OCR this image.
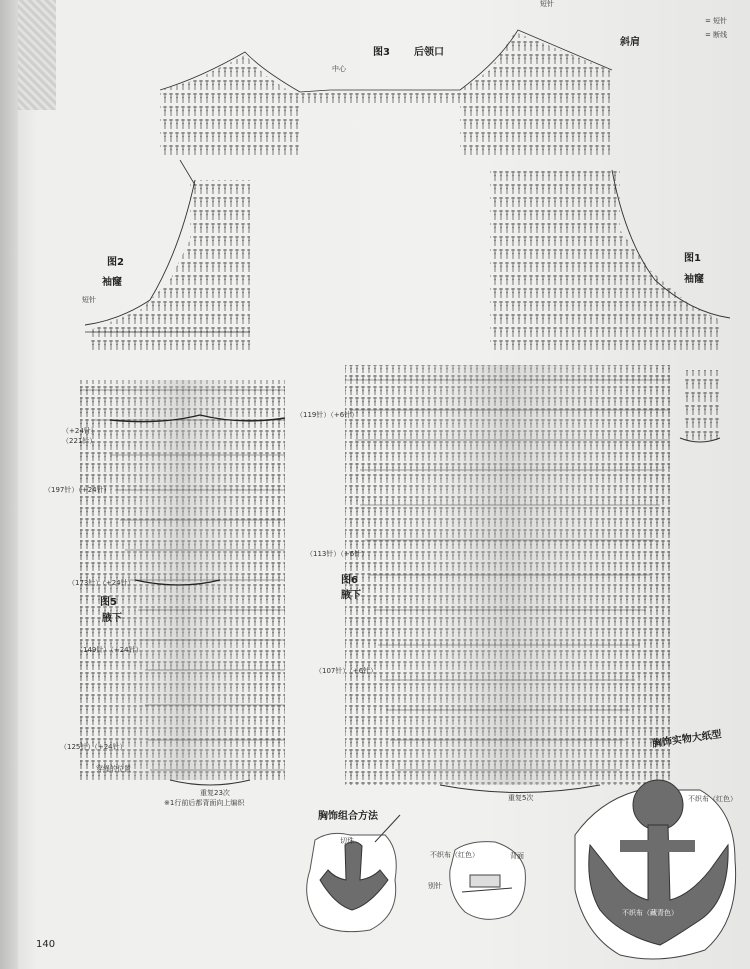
= 短针
= 断线
图3 后领口
中心
斜肩
短针
图2
袖窿
短针
图1
袖窿
（+24针）
（221针）
（197针）（+24针）
（173针）（+24针）
图5
腋下
（149针）（+24针）
（125针）（+24针）
穿绳的位置
重复23次
※1行前后都背面向上编织
（119针）（+6针）
（113针）（+6针）
图6
腋下
（107针）（+6针）
重复5次
胸饰组合方法
切珠
不织布（红色）	背面
别针
胸饰实物大纸型
不织布（红色）
不织布（藏青色）
140
